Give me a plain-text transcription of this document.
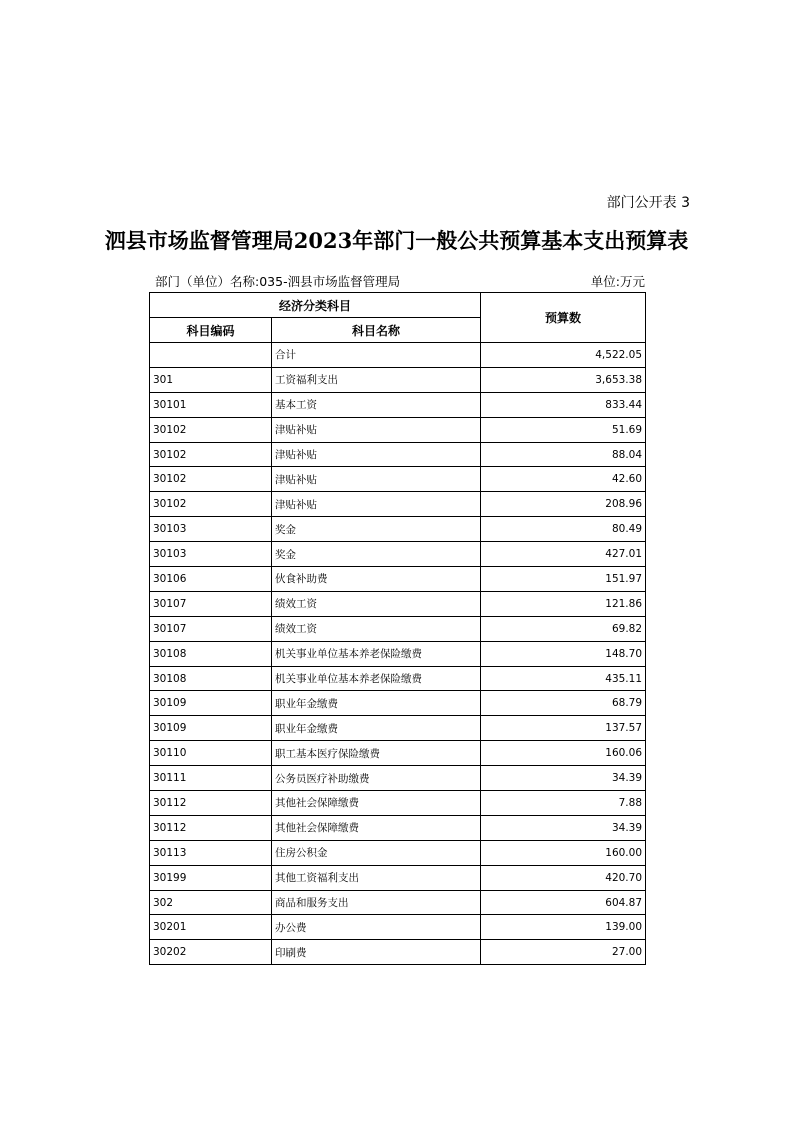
部门公开表 3
泗县市场监督管理局2023年部门一般公共预算基本支出预算表
部门（单位）名称:035-泗县市场监督管理局	单位:万元
经济分类科目		预算数
科目编码	科目名称	
	合计	4,522.05
301	工资福利支出	3,653.38
30101	基本工资	833.44
30102	津贴补贴	51.69
30102	津贴补贴	88.04
30102	津贴补贴	42.60
30102	津贴补贴	208.96
30103	奖金	80.49
30103	奖金	427.01
30106	伙食补助费	151.97
30107	绩效工资	121.86
30107	绩效工资	69.82
30108	机关事业单位基本养老保险缴费	148.70
30108	机关事业单位基本养老保险缴费	435.11
30109	职业年金缴费	68.79
30109	职业年金缴费	137.57
30110	职工基本医疗保险缴费	160.06
30111	公务员医疗补助缴费	34.39
30112	其他社会保障缴费	7.88
30112	其他社会保障缴费	34.39
30113	住房公积金	160.00
30199	其他工资福利支出	420.70
302	商品和服务支出	604.87
30201	办公费	139.00
30202	印刷费	27.00
